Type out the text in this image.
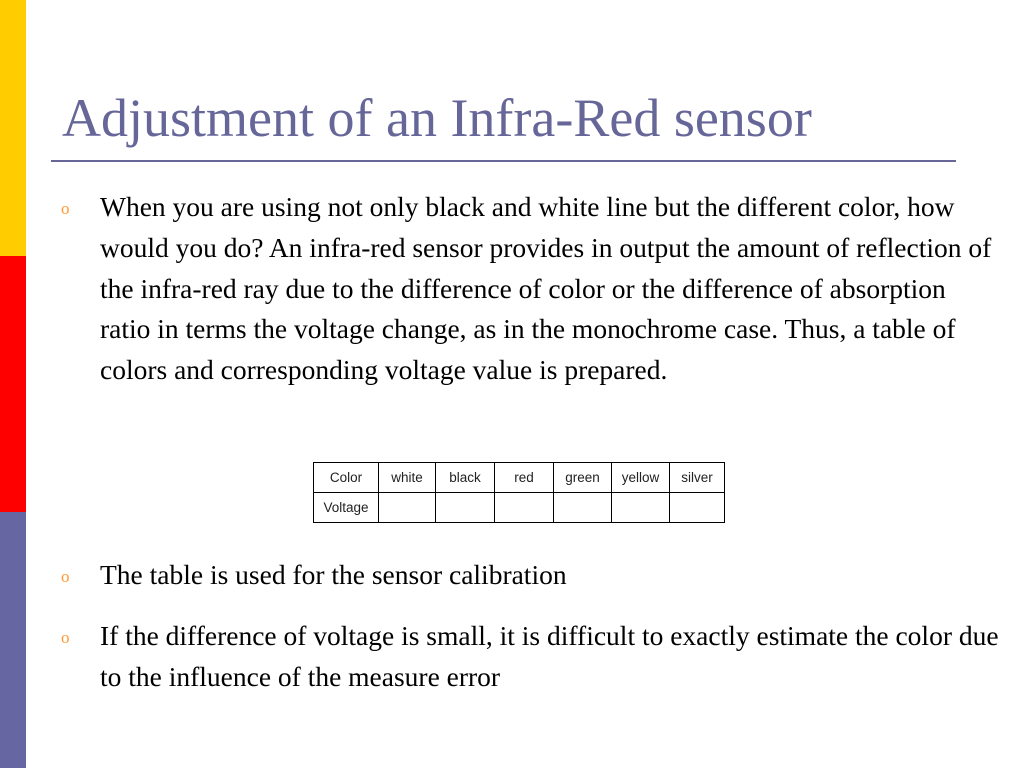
Adjustment of an Infra-Red sensor
o When you are using not only black and white line but the different color, how would you do? An infra-red sensor provides in output the amount of reflection of the infra-red ray due to the difference of color or the difference of absorption ratio in terms the voltage change, as in the monochrome case. Thus, a table of colors and corresponding voltage value is prepared.

Color	white	black	red	green	yellow	silver
Voltage						
o The table is used for the sensor calibration

o If the difference of voltage is small, it is difficult to exactly estimate the color due to the influence of the measure error
